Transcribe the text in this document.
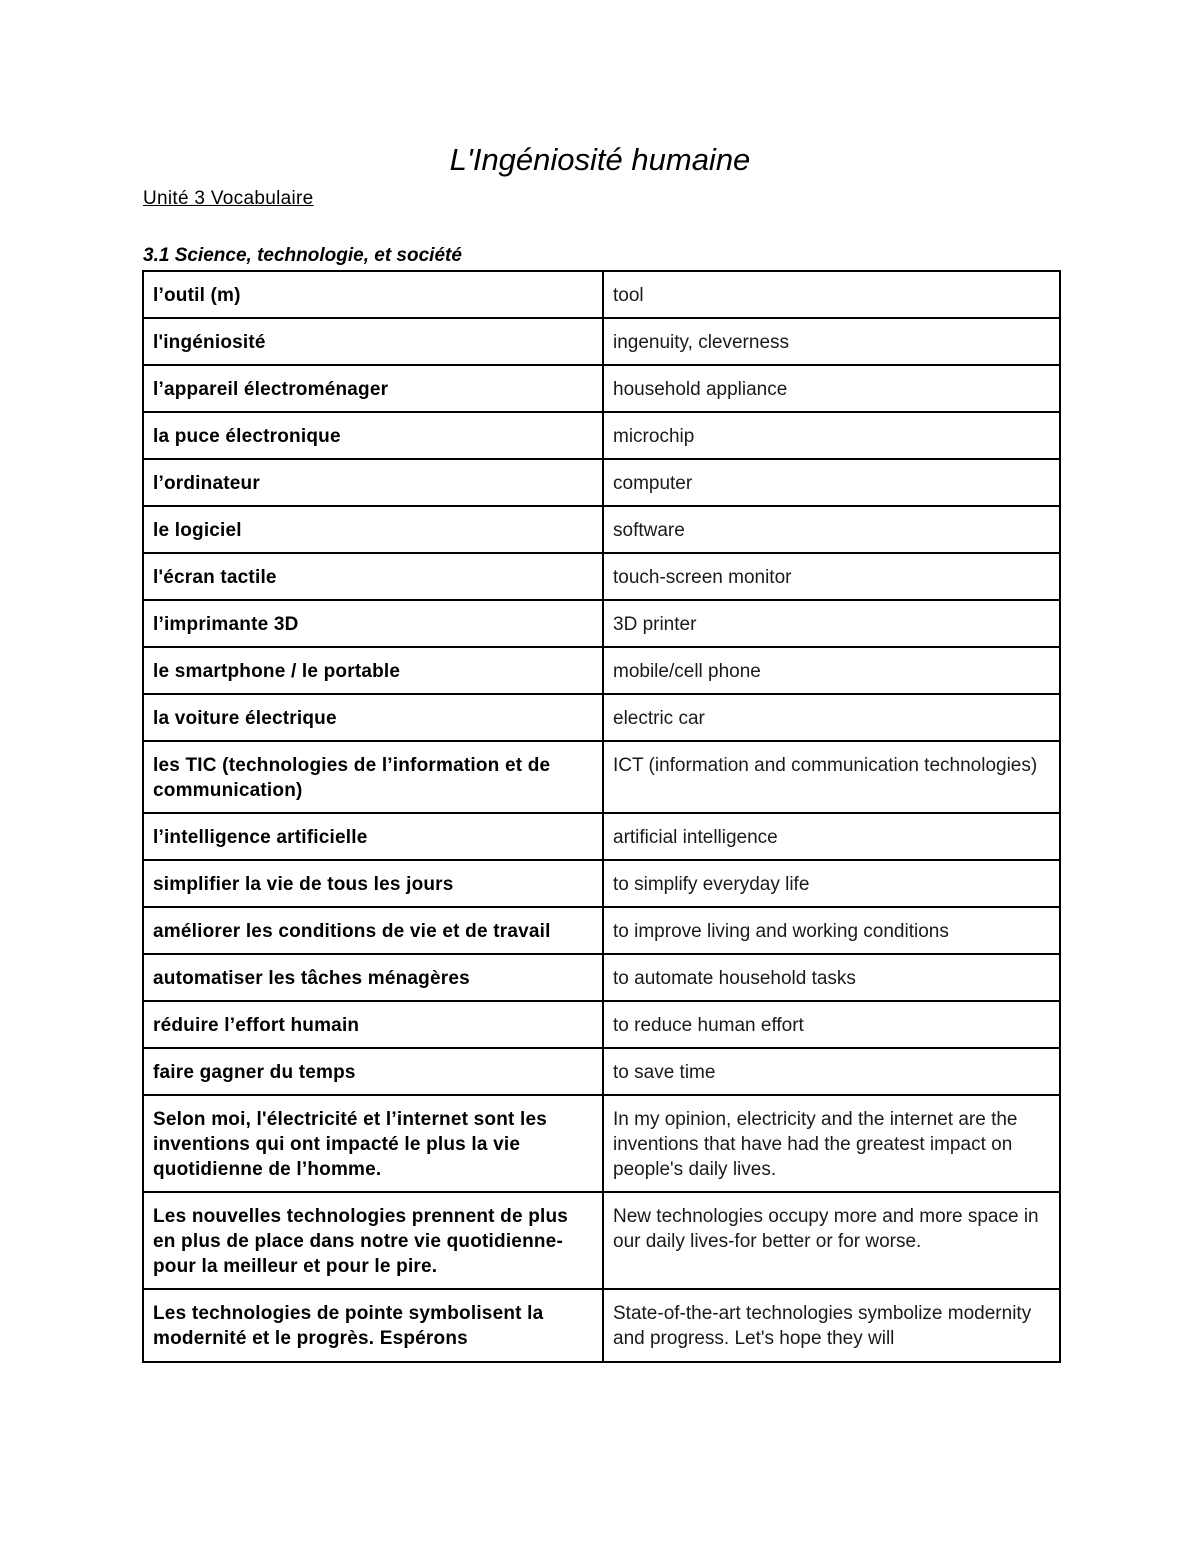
L'Ingéniosité humaine

Unité 3 Vocabulaire

3.1 Science, technologie, et société

l’outil (m)	tool
l'ingéniosité	ingenuity, cleverness
l’appareil électroménager	household appliance
la puce électronique	microchip
l’ordinateur	computer
le logiciel	software
l'écran tactile	touch-screen monitor
l’imprimante 3D	3D printer
le smartphone / le portable	mobile/cell phone
la voiture électrique	electric car
les TIC (technologies de l’information et de communication)	ICT (information and communication technologies)
l’intelligence artificielle	artificial intelligence
simplifier la vie de tous les jours	to simplify everyday life
améliorer les conditions de vie et de travail	to improve living and working conditions
automatiser les tâches ménagères	to automate household tasks
réduire l’effort humain	to reduce human effort
faire gagner du temps	to save time
Selon moi, l'électricité et l’internet sont les inventions qui ont impacté le plus la vie quotidienne de l’homme.	In my opinion, electricity and the internet are the inventions that have had the greatest impact on people's daily lives.
Les nouvelles technologies prennent de plus en plus de place dans notre vie quotidienne-pour la meilleur et pour le pire.	New technologies occupy more and more space in our daily lives-for better or for worse.
Les technologies de pointe symbolisent la modernité et le progrès. Espérons	State-of-the-art technologies symbolize modernity and progress. Let's hope they will
